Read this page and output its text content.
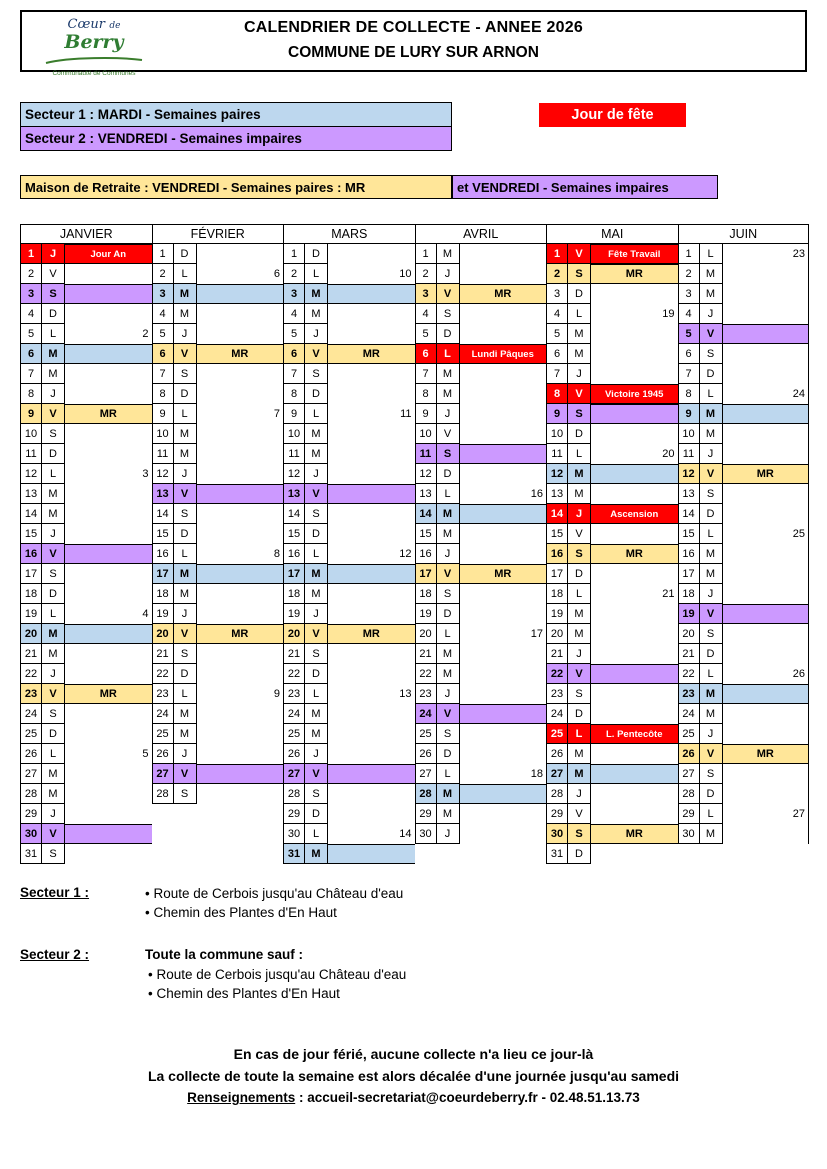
Cœur de Berry
Communauté de Communes
CALENDRIER DE COLLECTE - ANNEE 2026
COMMUNE DE LURY SUR ARNON
Secteur 1 : MARDI - Semaines paires
Secteur 2 : VENDREDI - Semaines impaires
Jour de fête
Maison de Retraite : VENDREDI - Semaines paires : MR	et VENDREDI - Semaines impaires
JANVIER
1	J	Jour An
2	V
3	S
4	D
5	L	2
6	M
7	M
8	J
9	V	MR
10	S
11	D
12	L	3
13	M
14	M
15	J
16	V
17	S
18	D
19	L	4
20	M
21	M
22	J
23	V	MR
24	S
25	D
26	L	5
27	M
28	M
29	J
30	V
31	S
FÉVRIER
1	D
2	L	6
3	M
4	M
5	J
6	V	MR
7	S
8	D
9	L	7
10	M
11	M
12	J
13	V
14	S
15	D
16	L	8
17	M
18	M
19	J
20	V	MR
21	S
22	D
23	L	9
24	M
25	M
26	J
27	V
28	S
MARS
1	D
2	L	10
3	M
4	M
5	J
6	V	MR
7	S
8	D
9	L	11
10	M
11	M
12	J
13	V
14	S
15	D
16	L	12
17	M
18	M
19	J
20	V	MR
21	S
22	D
23	L	13
24	M
25	M
26	J
27	V
28	S
29	D
30	L	14
31	M
AVRIL
1	M
2	J
3	V	MR
4	S
5	D
6	L	Lundi Pâques
7	M
8	M
9	J
10	V
11	S
12	D
13	L	16
14	M
15	M
16	J
17	V	MR
18	S
19	D
20	L	17
21	M
22	M
23	J
24	V
25	S
26	D
27	L	18
28	M
29	M
30	J
MAI
1	V	Fête Travail
2	S	MR
3	D
4	L	19
5	M
6	M
7	J
8	V	Victoire 1945
9	S
10	D
11	L	20
12	M
13	M
14	J	Ascension
15	V
16	S	MR
17	D
18	L	21
19	M
20	M
21	J
22	V
23	S
24	D
25	L	L. Pentecôte
26	M
27	M
28	J
29	V
30	S	MR
31	D
JUIN
1	L	23
2	M
3	M
4	J
5	V
6	S
7	D
8	L	24
9	M
10	M
11	J
12	V	MR
13	S
14	D
15	L	25
16	M
17	M
18	J
19	V
20	S
21	D
22	L	26
23	M
24	M
25	J
26	V	MR
27	S
28	D
29	L	27
30	M
Secteur 1 :	• Route de Cerbois jusqu'au Château d'eau
• Chemin des Plantes d'En Haut
Secteur 2 :	Toute la commune sauf :
• Route de Cerbois jusqu'au Château d'eau
• Chemin des Plantes d'En Haut
En cas de jour férié, aucune collecte n'a lieu ce jour-là
La collecte de toute la semaine est alors décalée d'une journée jusqu'au samedi
Renseignements : accueil-secretariat@coeurdeberry.fr - 02.48.51.13.73
